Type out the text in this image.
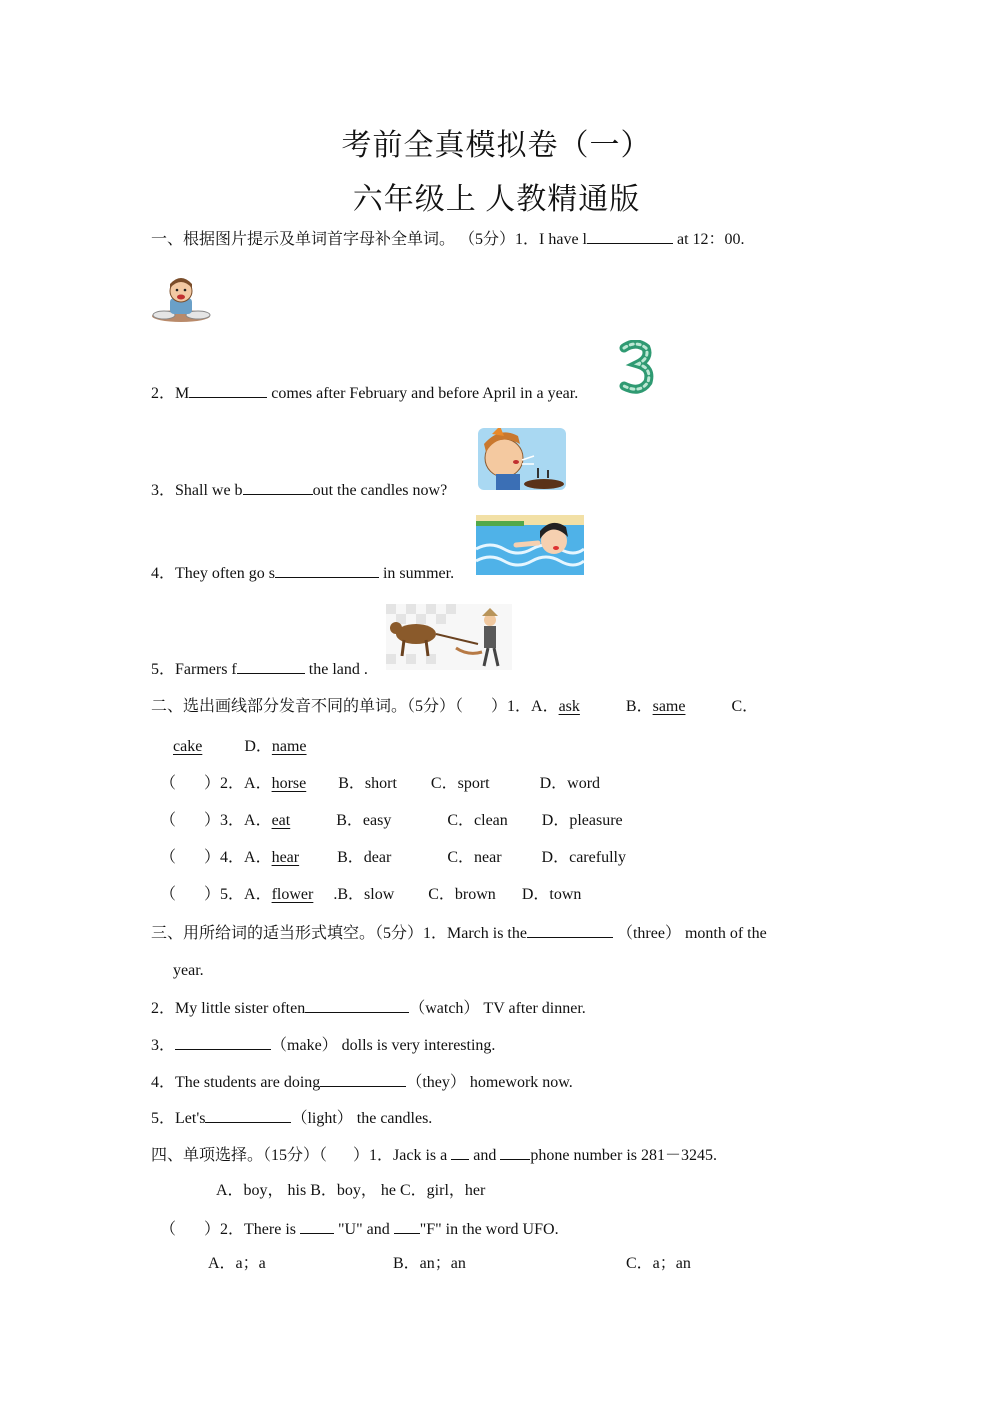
考前全真模拟卷（一）
六年级上 人教精通版
一、根据图片提示及单词首字母补全单词。 （5分）1．I have l	at 12：00.
2．M	comes after February and before April in a year.
3．Shall we b	out the candles now?
4．They often go s	in summer.
5．Farmers f	the land .
二、选出画线部分发音不同的单词。（5分）（ ）1．A．ask	B．same	C．
cake	D．name
（ ）2．A．horse B．short C．sport	D．word
（ ）3．A．eat	B．easy	C．clean D．pleasure
（ ）4．A．hear B．dear	C．near	D．carefully
（ ）5．A．flower .B．slow C．brown D．town
三、用所给词的适当形式填空。（5分）1．March is the	（three） month of the
year.
2．My little sister often	（watch） TV after dinner.
3．	（make） dolls is very interesting.
4．The students are doing	（they） homework now.
5．Let's	（light） the candles.
四、单项选择。（15分）（ ）1．Jack is a and phone number is 281－3245.
A．boy， his B．boy， he C．girl，her
（ ）2．There is	"U" and "F" in the word UFO.
A．a；a	B．an；an	C．a；an
